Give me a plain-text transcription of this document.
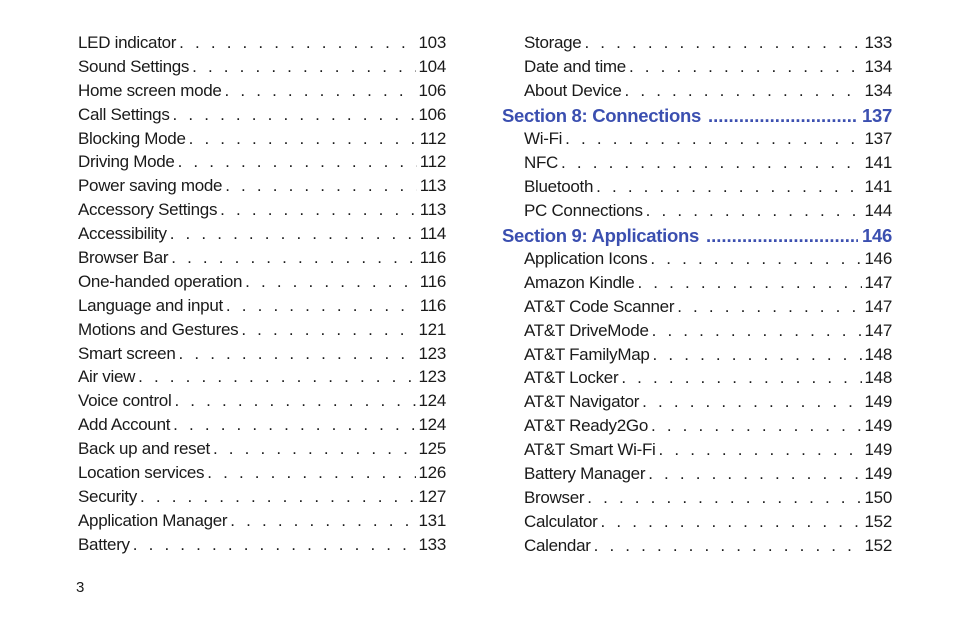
LED indicator . . .	103
Sound Settings . . .	104
Home screen mode . . .	106
Call Settings . . .	106
Blocking Mode . . .	112
Driving Mode . . .	112
Power saving mode . . .	113
Accessory Settings . . .	113
Accessibility . . .	114
Browser Bar . . .	116
One-handed operation . . .	116
Language and input . . .	116
Motions and Gestures . . .	121
Smart screen . . .	123
Air view . . .	123
Voice control . . .	124
Add Account . . .	124
Back up and reset . . .	125
Location services . . .	126
Security . . .	127
Application Manager . . .	131
Battery . . .	133
Storage . . .	133
Date and time . . .	134
About Device . . .	134
Section 8: Connections .....	137
Wi-Fi . . .	137
NFC . . .	141
Bluetooth . . .	141
PC Connections . . .	144
Section 9: Applications .....	146
Application Icons . . .	146
Amazon Kindle . . .	147
AT&T Code Scanner . . .	147
AT&T DriveMode . . .	147
AT&T FamilyMap . . .	148
AT&T Locker . . .	148
AT&T Navigator . . .	149
AT&T Ready2Go . . .	149
AT&T Smart Wi-Fi . . .	149
Battery Manager . . .	149
Browser . . .	150
Calculator . . .	152
Calendar . . .	152
3
